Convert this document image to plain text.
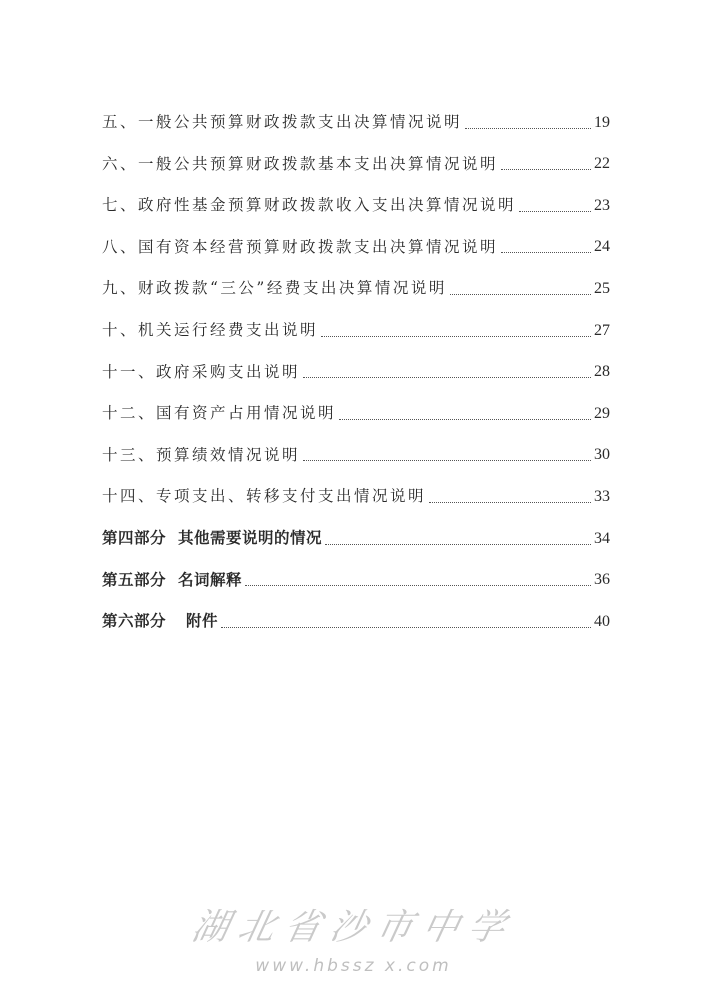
五、一般公共预算财政拨款支出决算情况说明	19
六、一般公共预算财政拨款基本支出决算情况说明	22
七、政府性基金预算财政拨款收入支出决算情况说明	23
八、国有资本经营预算财政拨款支出决算情况说明	24
九、财政拨款“三公”经费支出决算情况说明	25
十、机关运行经费支出说明	27
十一、政府采购支出说明	28
十二、国有资产占用情况说明	29
十三、预算绩效情况说明	30
十四、专项支出、转移支付支出情况说明	33
第四部分 其他需要说明的情况	34
第五部分 名词解释	36
第六部分 附件	40
湖北省沙市中学
www.hbssz x.com
